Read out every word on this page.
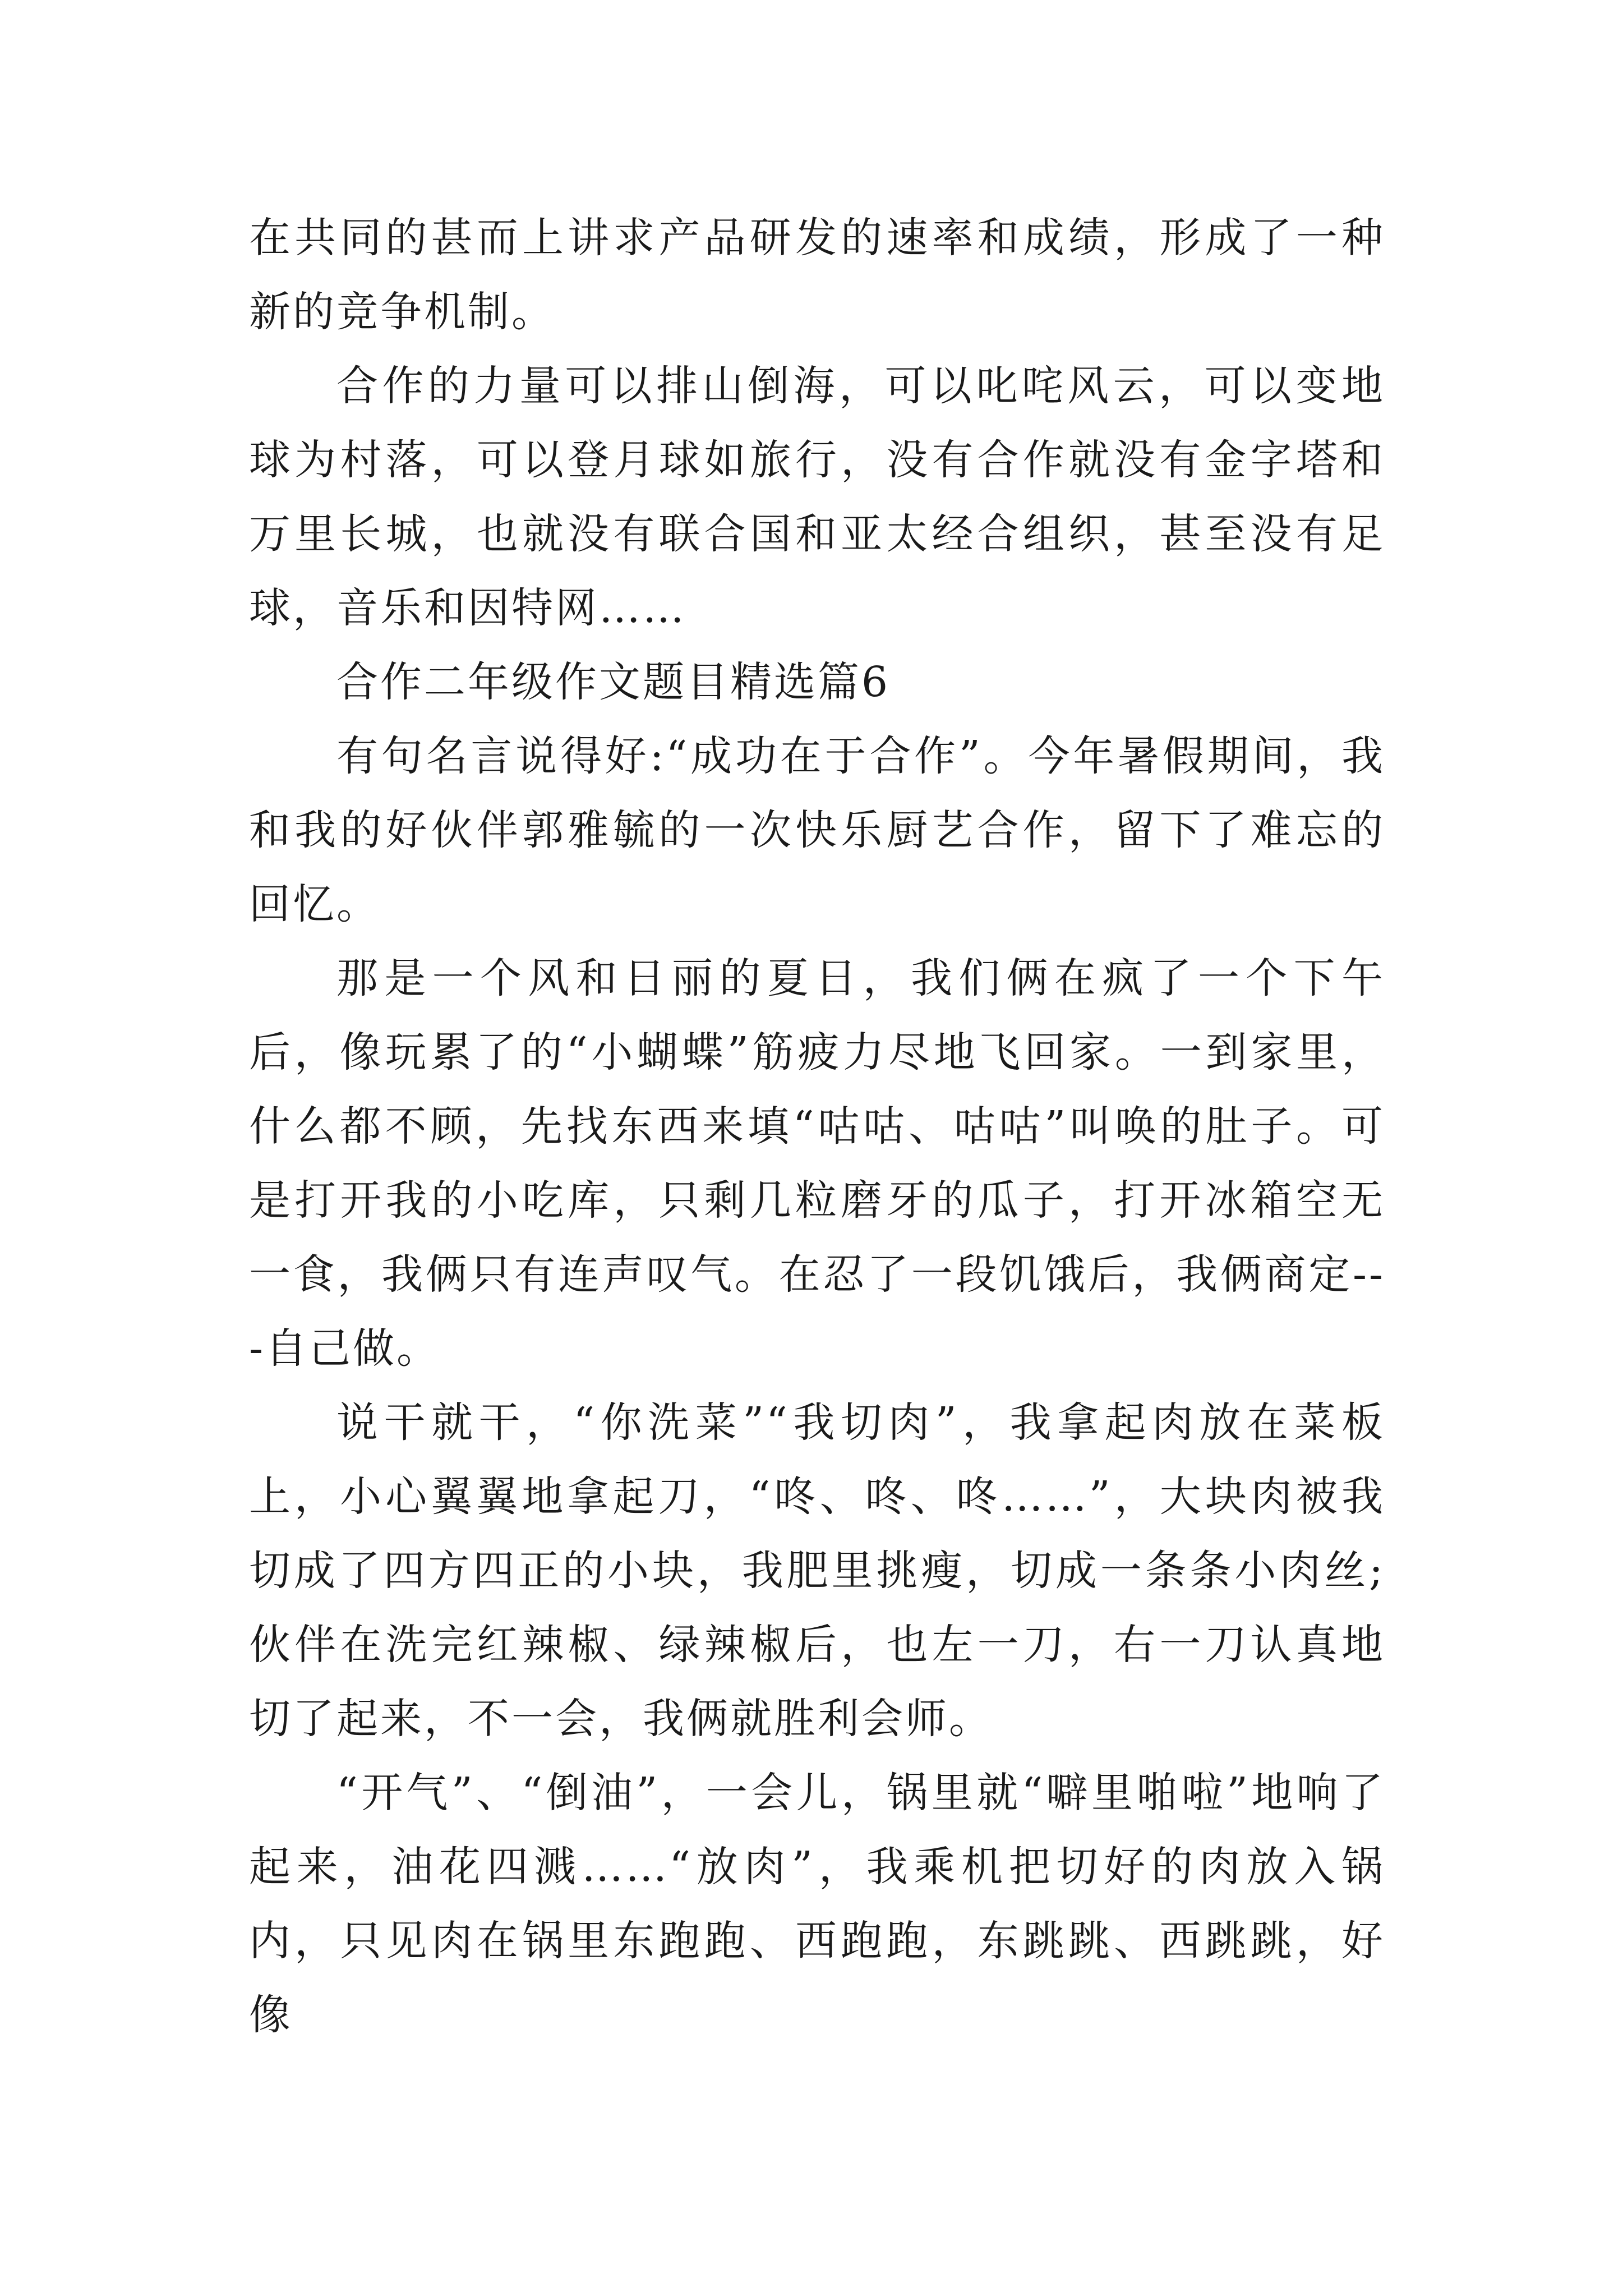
在共同的甚而上讲求产品研发的速率和成绩，形成了一种新的竞争机制。

合作的力量可以排山倒海，可以叱咤风云，可以变地球为村落，可以登月球如旅行，没有合作就没有金字塔和万里长城，也就没有联合国和亚太经合组织，甚至没有足球，音乐和因特网……

合作二年级作文题目精选篇6

有句名言说得好:“成功在于合作”。今年暑假期间，我和我的好伙伴郭雅毓的一次快乐厨艺合作，留下了难忘的回忆。

那是一个风和日丽的夏日，我们俩在疯了一个下午后，像玩累了的“小蝴蝶”筋疲力尽地飞回家。一到家里，什么都不顾，先找东西来填“咕咕、咕咕”叫唤的肚子。可是打开我的小吃库，只剩几粒磨牙的瓜子，打开冰箱空无一食，我俩只有连声叹气。在忍了一段饥饿后，我俩商定---自己做。

说干就干，“你洗菜”“我切肉”，我拿起肉放在菜板上，小心翼翼地拿起刀，“咚、咚、咚……”，大块肉被我切成了四方四正的小块，我肥里挑瘦，切成一条条小肉丝;伙伴在洗完红辣椒、绿辣椒后，也左一刀，右一刀认真地切了起来，不一会，我俩就胜利会师。

“开气”、“倒油”，一会儿，锅里就“噼里啪啦”地响了起来，油花四溅……“放肉”，我乘机把切好的肉放入锅内，只见肉在锅里东跑跑、西跑跑，东跳跳、西跳跳，好像
